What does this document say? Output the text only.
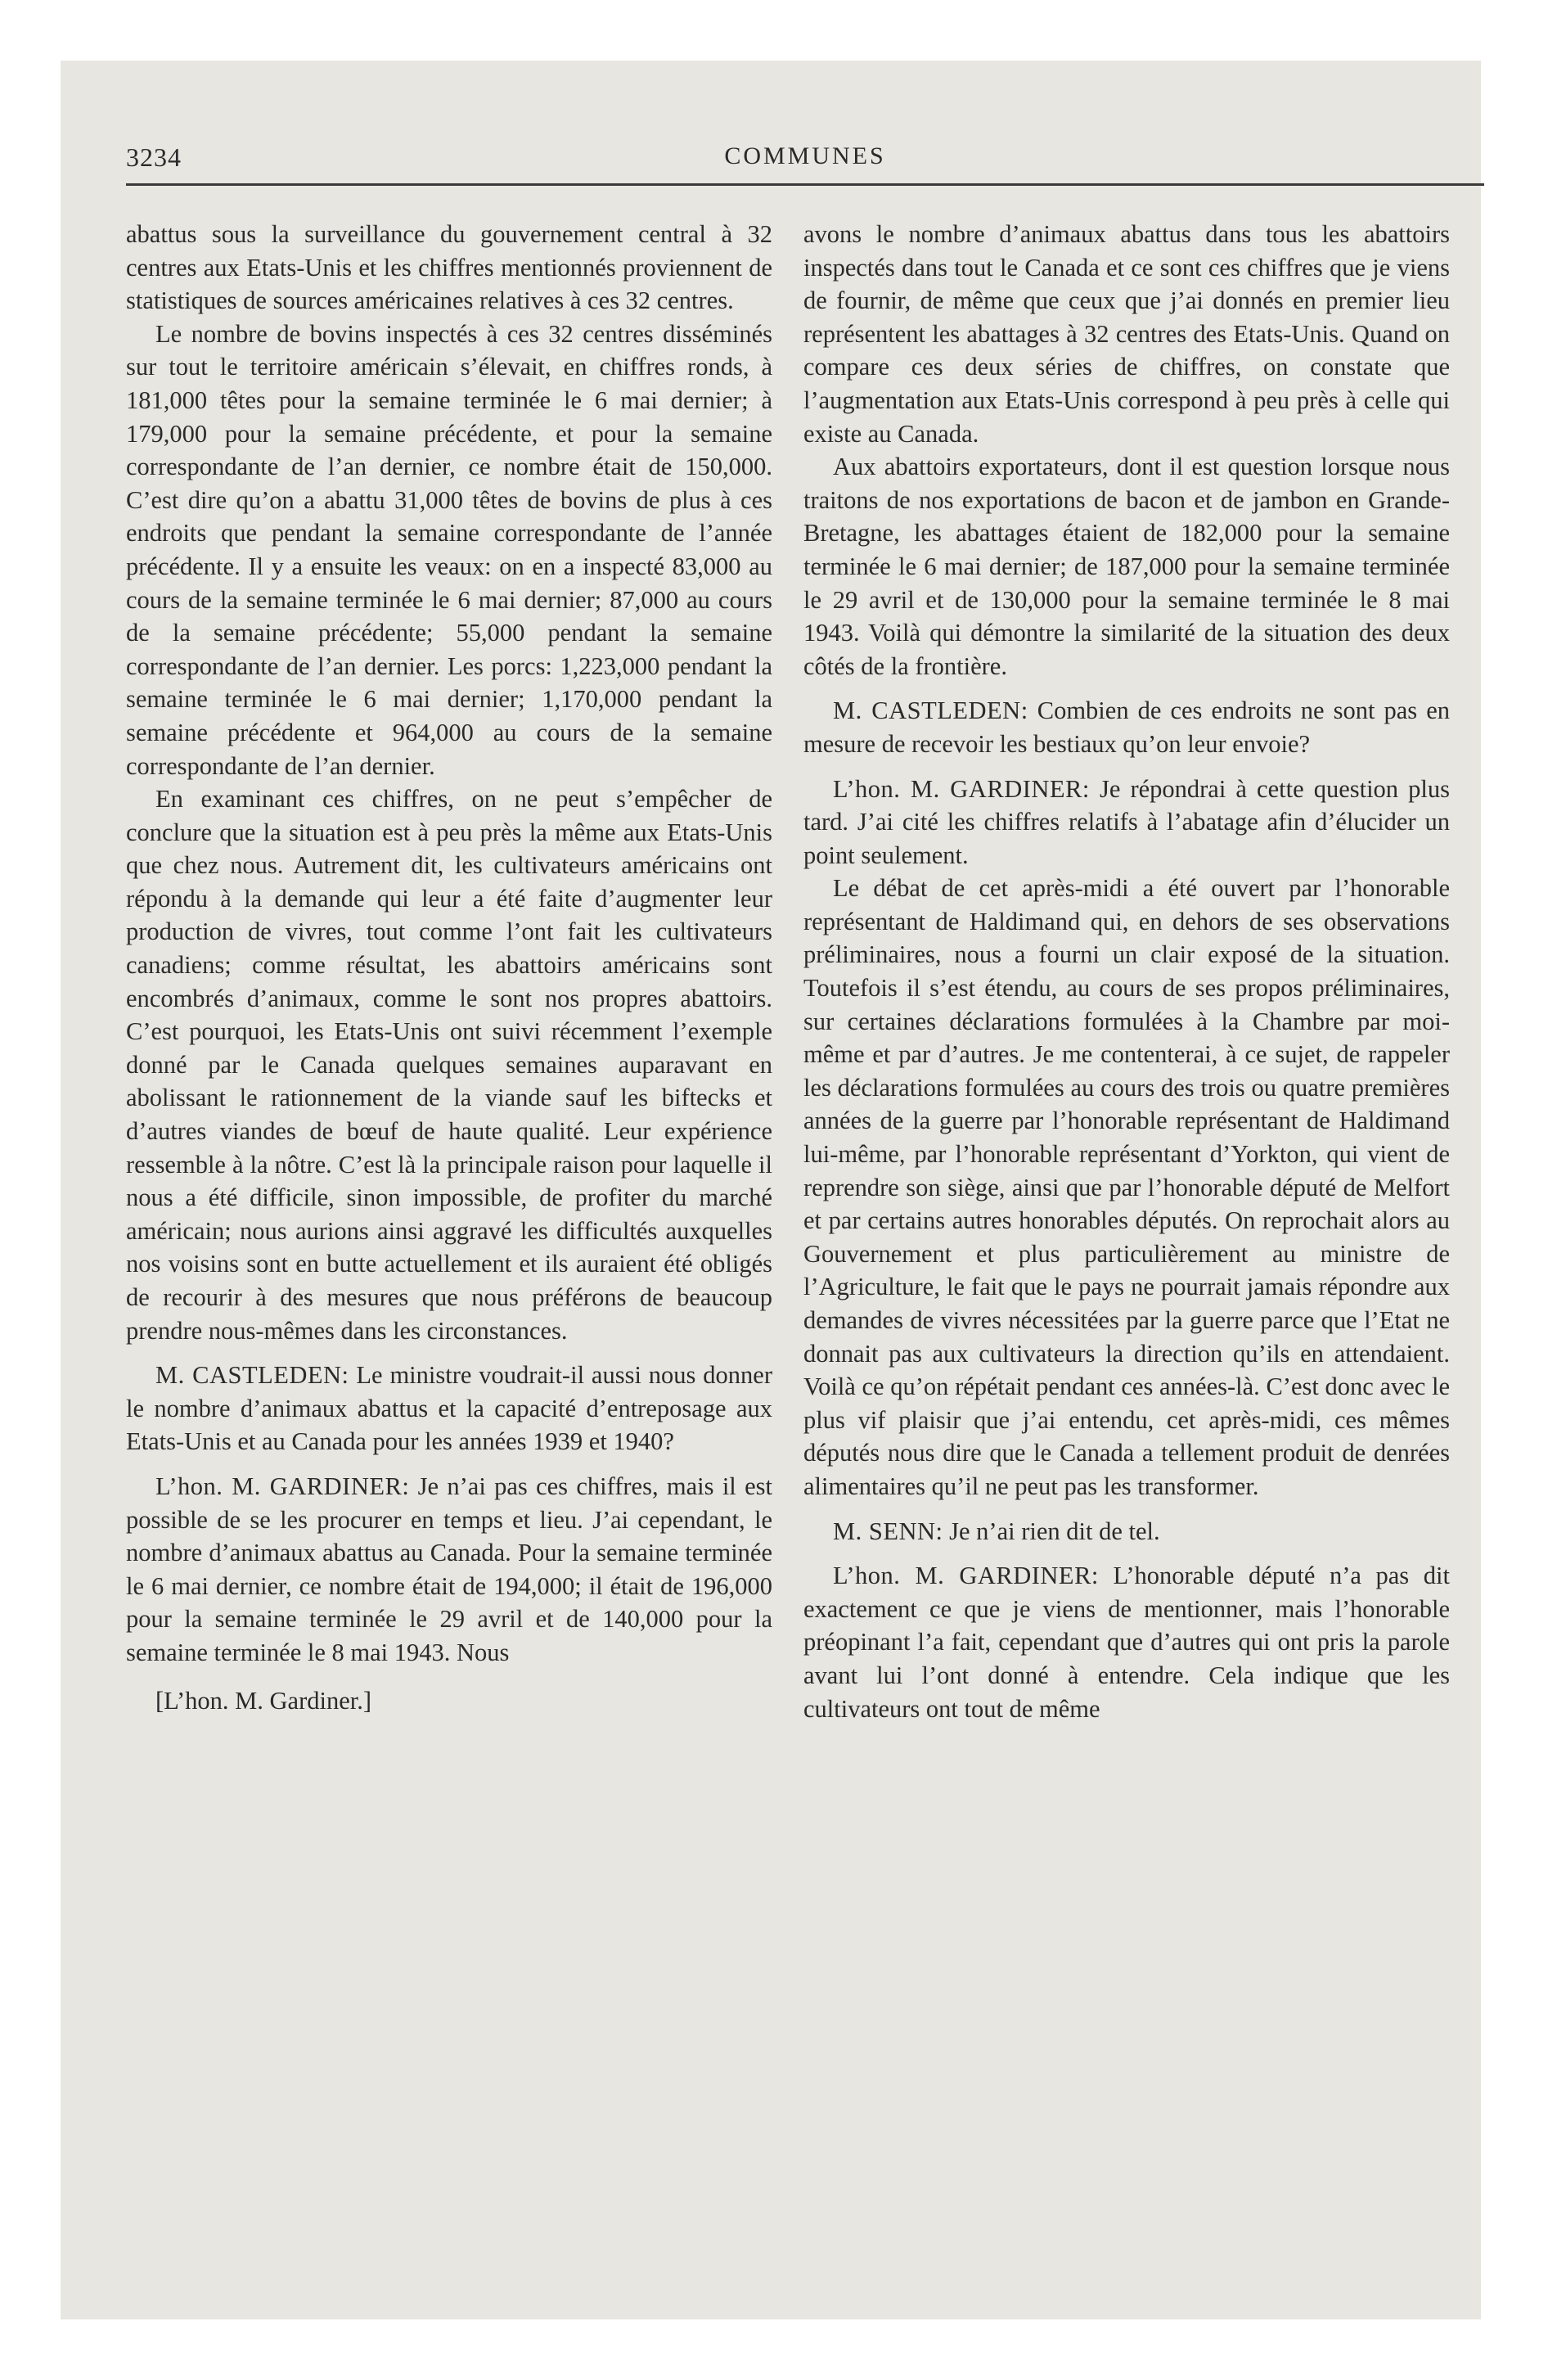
3234	COMMUNES

abattus sous la surveillance du gouvernement central à 32 centres aux Etats-Unis et les chiffres mentionnés proviennent de statistiques de sources américaines relatives à ces 32 centres.

Le nombre de bovins inspectés à ces 32 centres disséminés sur tout le territoire américain s’élevait, en chiffres ronds, à 181,000 têtes pour la semaine terminée le 6 mai dernier; à 179,000 pour la semaine précédente, et pour la semaine correspondante de l’an dernier, ce nombre était de 150,000. C’est dire qu’on a abattu 31,000 têtes de bovins de plus à ces endroits que pendant la semaine correspondante de l’année précédente. Il y a ensuite les veaux: on en a inspecté 83,000 au cours de la semaine terminée le 6 mai dernier; 87,000 au cours de la semaine précédente; 55,000 pendant la semaine correspondante de l’an dernier. Les porcs: 1,223,000 pendant la semaine terminée le 6 mai dernier; 1,170,000 pendant la semaine précédente et 964,000 au cours de la semaine correspondante de l’an dernier.

En examinant ces chiffres, on ne peut s’empêcher de conclure que la situation est à peu près la même aux Etats-Unis que chez nous. Autrement dit, les cultivateurs américains ont répondu à la demande qui leur a été faite d’augmenter leur production de vivres, tout comme l’ont fait les cultivateurs canadiens; comme résultat, les abattoirs américains sont encombrés d’animaux, comme le sont nos propres abattoirs. C’est pourquoi, les Etats-Unis ont suivi récemment l’exemple donné par le Canada quelques semaines auparavant en abolissant le rationnement de la viande sauf les biftecks et d’autres viandes de bœuf de haute qualité. Leur expérience ressemble à la nôtre. C’est là la principale raison pour laquelle il nous a été difficile, sinon impossible, de profiter du marché américain; nous aurions ainsi aggravé les difficultés auxquelles nos voisins sont en butte actuellement et ils auraient été obligés de recourir à des mesures que nous préférons de beaucoup prendre nous-mêmes dans les circonstances.

M. CASTLEDEN: Le ministre voudrait-il aussi nous donner le nombre d’animaux abattus et la capacité d’entreposage aux Etats-Unis et au Canada pour les années 1939 et 1940?

L’hon. M. GARDINER: Je n’ai pas ces chiffres, mais il est possible de se les procurer en temps et lieu. J’ai cependant, le nombre d’animaux abattus au Canada. Pour la semaine terminée le 6 mai dernier, ce nombre était de 194,000; il était de 196,000 pour la semaine terminée le 29 avril et de 140,000 pour la semaine terminée le 8 mai 1943. Nous

[L’hon. M. Gardiner.]

avons le nombre d’animaux abattus dans tous les abattoirs inspectés dans tout le Canada et ce sont ces chiffres que je viens de fournir, de même que ceux que j’ai donnés en premier lieu représentent les abattages à 32 centres des Etats-Unis. Quand on compare ces deux séries de chiffres, on constate que l’augmentation aux Etats-Unis correspond à peu près à celle qui existe au Canada.

Aux abattoirs exportateurs, dont il est question lorsque nous traitons de nos exportations de bacon et de jambon en Grande-Bretagne, les abattages étaient de 182,000 pour la semaine terminée le 6 mai dernier; de 187,000 pour la semaine terminée le 29 avril et de 130,000 pour la semaine terminée le 8 mai 1943. Voilà qui démontre la similarité de la situation des deux côtés de la frontière.

M. CASTLEDEN: Combien de ces endroits ne sont pas en mesure de recevoir les bestiaux qu’on leur envoie?

L’hon. M. GARDINER: Je répondrai à cette question plus tard. J’ai cité les chiffres relatifs à l’abatage afin d’élucider un point seulement.

Le débat de cet après-midi a été ouvert par l’honorable représentant de Haldimand qui, en dehors de ses observations préliminaires, nous a fourni un clair exposé de la situation. Toutefois il s’est étendu, au cours de ses propos préliminaires, sur certaines déclarations formulées à la Chambre par moi-même et par d’autres. Je me contenterai, à ce sujet, de rappeler les déclarations formulées au cours des trois ou quatre premières années de la guerre par l’honorable représentant de Haldimand lui-même, par l’honorable représentant d’Yorkton, qui vient de reprendre son siège, ainsi que par l’honorable député de Melfort et par certains autres honorables députés. On reprochait alors au Gouvernement et plus particulièrement au ministre de l’Agriculture, le fait que le pays ne pourrait jamais répondre aux demandes de vivres nécessitées par la guerre parce que l’Etat ne donnait pas aux cultivateurs la direction qu’ils en attendaient. Voilà ce qu’on répétait pendant ces années-là. C’est donc avec le plus vif plaisir que j’ai entendu, cet après-midi, ces mêmes députés nous dire que le Canada a tellement produit de denrées alimentaires qu’il ne peut pas les transformer.

M. SENN: Je n’ai rien dit de tel.

L’hon. M. GARDINER: L’honorable député n’a pas dit exactement ce que je viens de mentionner, mais l’honorable préopinant l’a fait, cependant que d’autres qui ont pris la parole avant lui l’ont donné à entendre. Cela indique que les cultivateurs ont tout de même
